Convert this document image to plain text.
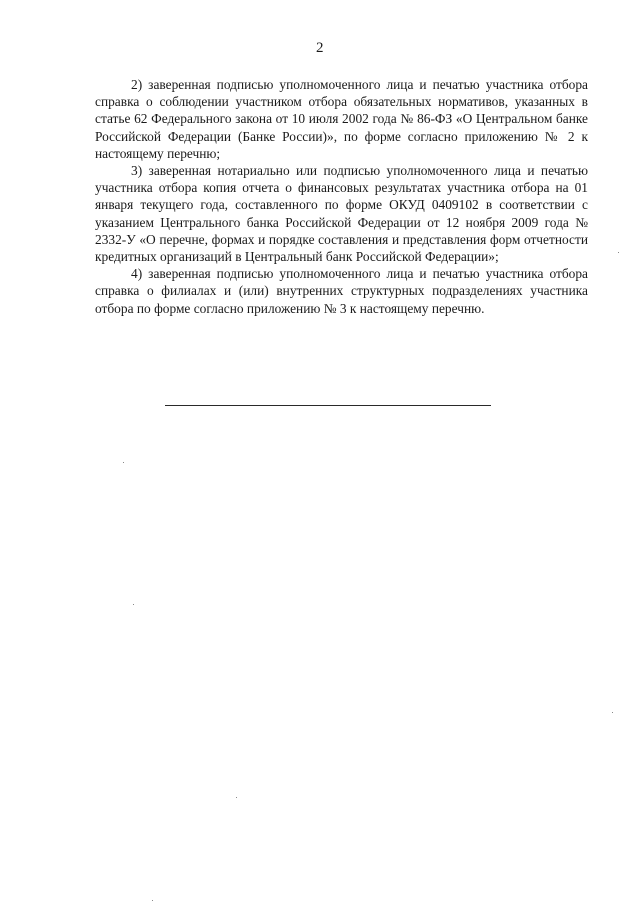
2

2) заверенная подписью уполномоченного лица и печатью участника отбора справка о соблюдении участником отбора обязательных нормативов, указанных в статье 62 Федерального закона от 10 июля 2002 года № 86-ФЗ «О Центральном банке Российской Федерации (Банке России)», по форме согласно приложению № 2 к настоящему перечню;

3) заверенная нотариально или подписью уполномоченного лица и печатью участника отбора копия отчета о финансовых результатах участника отбора на 01 января текущего года, составленного по форме ОКУД 0409102 в соответствии с указанием Центрального банка Российской Федерации от 12 ноября 2009 года № 2332-У «О перечне, формах и порядке составления и представления форм отчетности кредитных организаций в Центральный банк Российской Федерации»;

4) заверенная подписью уполномоченного лица и печатью участника отбора справка о филиалах и (или) внутренних структурных подразделениях участника отбора по форме согласно приложению № 3 к настоящему перечню.
